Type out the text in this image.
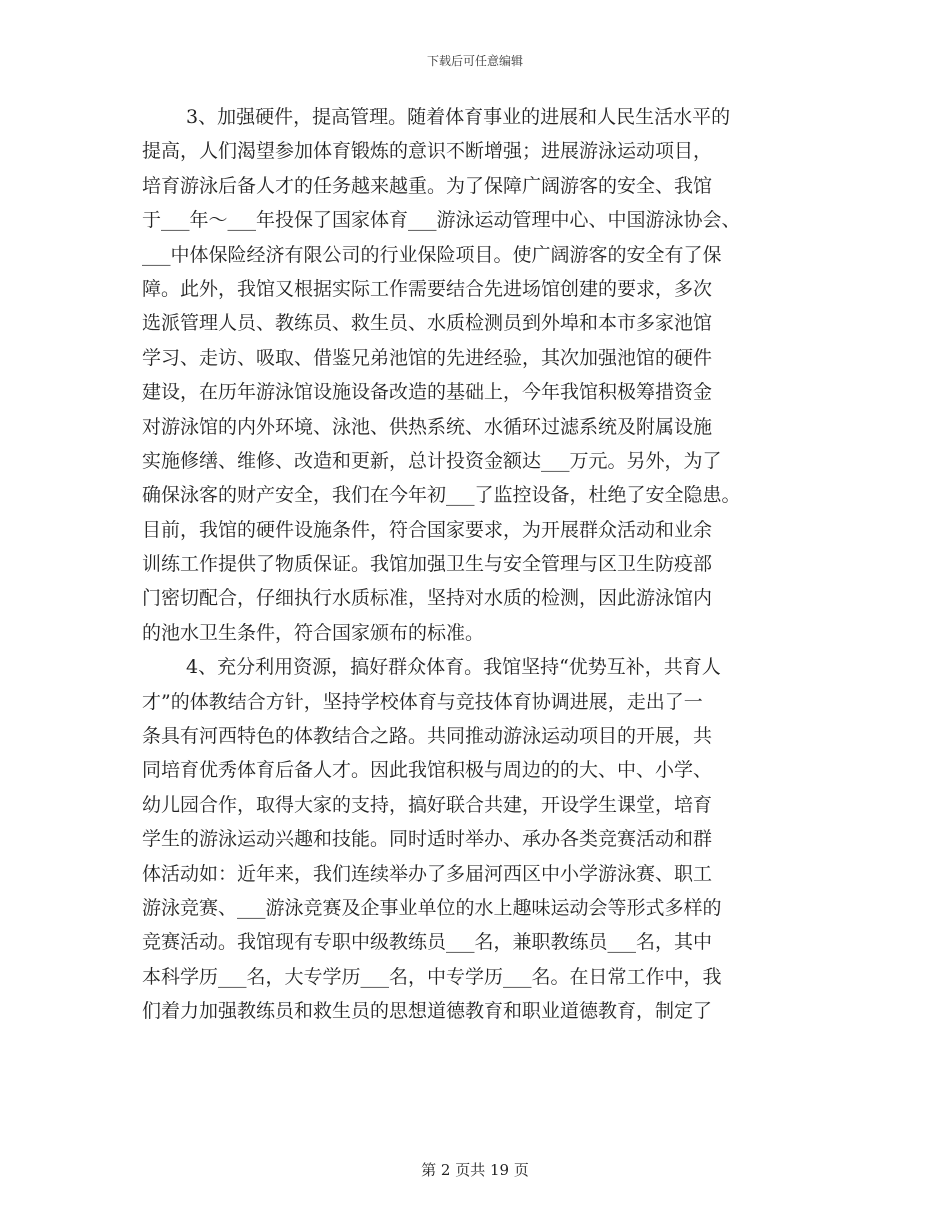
下载后可任意编辑
3、加强硬件，提高管理。随着体育事业的进展和人民生活水平的
提高，人们渴望参加体育锻炼的意识不断增强；进展游泳运动项目，
培育游泳后备人才的任务越来越重。为了保障广阔游客的安全、我馆
于___年～___年投保了国家体育___游泳运动管理中心、中国游泳协会、
___中体保险经济有限公司的行业保险项目。使广阔游客的安全有了保
障。此外，我馆又根据实际工作需要结合先进场馆创建的要求，多次
选派管理人员、教练员、救生员、水质检测员到外埠和本市多家池馆
学习、走访、吸取、借鉴兄弟池馆的先进经验，其次加强池馆的硬件
建设，在历年游泳馆设施设备改造的基础上，今年我馆积极筹措资金
对游泳馆的内外环境、泳池、供热系统、水循环过滤系统及附属设施
实施修缮、维修、改造和更新，总计投资金额达___万元。另外，为了
确保泳客的财产安全，我们在今年初___了监控设备，杜绝了安全隐患。
目前，我馆的硬件设施条件，符合国家要求，为开展群众活动和业余
训练工作提供了物质保证。我馆加强卫生与安全管理与区卫生防疫部
门密切配合，仔细执行水质标准，坚持对水质的检测，因此游泳馆内
的池水卫生条件，符合国家颁布的标准。
4、充分利用资源，搞好群众体育。我馆坚持“优势互补，共育人
才”的体教结合方针，坚持学校体育与竞技体育协调进展，走出了一
条具有河西特色的体教结合之路。共同推动游泳运动项目的开展，共
同培育优秀体育后备人才。因此我馆积极与周边的的大、中、小学、
幼儿园合作，取得大家的支持，搞好联合共建，开设学生课堂，培育
学生的游泳运动兴趣和技能。同时适时举办、承办各类竞赛活动和群
体活动如：近年来，我们连续举办了多届河西区中小学游泳赛、职工
游泳竞赛、___游泳竞赛及企事业单位的水上趣味运动会等形式多样的
竞赛活动。我馆现有专职中级教练员___名，兼职教练员___名，其中
本科学历___名，大专学历___名，中专学历___名。在日常工作中，我
们着力加强教练员和救生员的思想道德教育和职业道德教育，制定了
第 2 页共 19 页
